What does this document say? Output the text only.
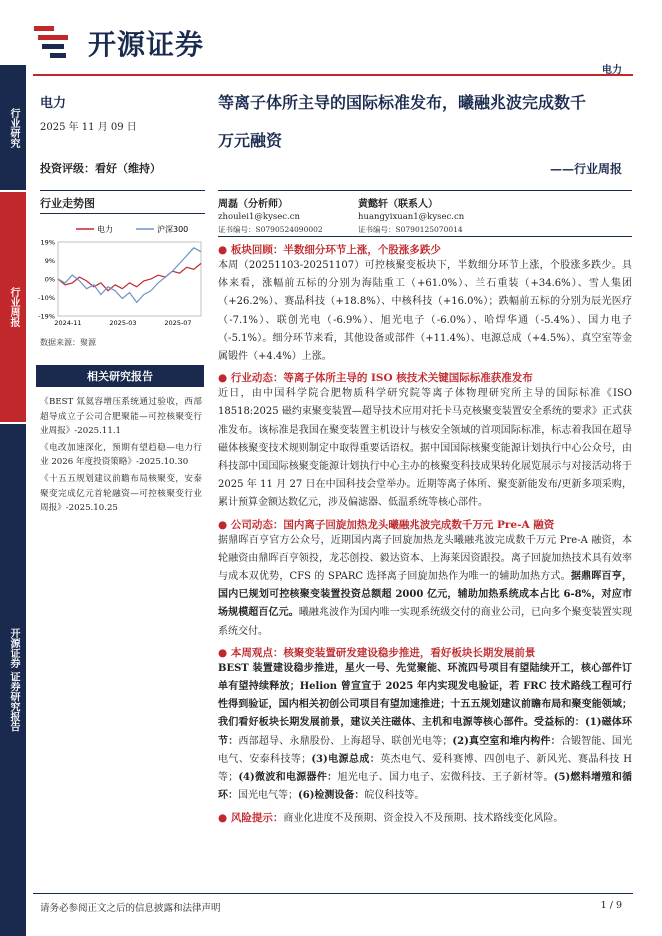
开源证券
电力
行业研究
行业周报
开源证券 证券研究报告
电力
2025 年 11 月 09 日
投资评级：看好（维持）
行业走势图
电力	沪深300
19%
9%
0%
-10%
-19%
2024-11	2025-03	2025-07
数据来源：聚源
相关研究报告
《BEST 氚氦容增压系统通过验收，西部超导成立子公司合肥聚能—可控核聚变行业周报》-2025.11.1
《电改加速深化，预期有望趋稳—电力行业 2026 年度投资策略》-2025.10.30
《十五五规划建议前瞻布局核聚变，安泰聚变完成亿元首轮融资—可控核聚变行业周报》-2025.10.25
等离子体所主导的国际标准发布，曦融兆波完成数千
万元融资
——行业周报
周磊（分析师）
zhoulei1@kysec.cn
证书编号：S0790524090002
黄懿轩（联系人）
huangyixuan1@kysec.cn
证书编号：S0790125070014
● 板块回顾：半数细分环节上涨，个股涨多跌少
本周（20251103-20251107）可控核聚变板块下，半数细分环节上涨，个股涨多跌少。具体来看，涨幅前五标的分别为海陆重工（+61.0%）、兰石重装（+34.6%）、雪人集团（+26.2%）、赛晶科技（+18.8%）、中核科技（+16.0%）；跌幅前五标的分别为辰光医疗（-7.1%）、联创光电（-6.9%）、旭光电子（-6.0%）、哈焊华通（-5.4%）、国力电子（-5.1%）。细分环节来看，其他设备或部件（+11.4%）、电源总成（+4.5%）、真空室等金属锻件（+4.4%）上涨。
● 行业动态：等离子体所主导的 ISO 核技术关键国际标准获准发布
近日，由中国科学院合肥物质科学研究院等离子体物理研究所主导的国际标准《ISO 18518:2025 磁约束聚变装置—超导技术应用对托卡马克核聚变装置安全系统的要求》正式获准发布。该标准是我国在聚变装置主机设计与核安全领域的首项国际标准，标志着我国在超导磁体核聚变技术规则制定中取得重要话语权。据中国国际核聚变能源计划执行中心公众号，由科技部中国国际核聚变能源计划执行中心主办的核聚变科技成果转化展览展示与对接活动将于 2025 年 11 月 27 日在中国科技会堂举办。近期等离子体所、聚变新能发布/更新多项采购，累计预算金额达数亿元，涉及偏滤器、低温系统等核心部件。
● 公司动态：国内离子回旋加热龙头曦融兆波完成数千万元 Pre-A 融资
据鼎晖百亨官方公众号，近期国内离子回旋加热龙头曦融兆波完成数千万元 Pre-A 融资，本轮融资由鼎晖百亨领投，龙芯创投、毅达资本、上海莱因资跟投。离子回旋加热技术具有效率与成本双优势，CFS 的 SPARC 选择离子回旋加热作为唯一的辅助加热方式。据鼎晖百亨，国内已规划可控核聚变装置投资总额超 2000 亿元，辅助加热系统成本占比 6-8%，对应市场规模超百亿元。曦融兆波作为国内唯一实现系统级交付的商业公司，已向多个聚变装置实现系统交付。
● 本周观点：核聚变装置研发建设稳步推进，看好板块长期发展前景
BEST 装置建设稳步推进，星火一号、先觉聚能、环流四号项目有望陆续开工，核心部件订单有望持续释放；Helion 曾宣宣于 2025 年内实现发电验证，若 FRC 技术路线工程可行性得到验证，国内相关初创公司项目有望加速推进；十五五规划建议前瞻布局和聚变能领域；我们看好板块长期发展前景，建议关注磁体、主机和电源等核心部件。受益标的：(1)磁体环节：西部超导、永鼎股份、上海超导、联创光电等；(2)真空室和堆内构件：合锻智能、国光电气、安泰科技等；(3)电源总成：英杰电气、爱科赛博、四创电子、新风光、赛晶科技 H 等；(4)微波和电源器件：旭光电子、国力电子、宏微科技、王子新材等。(5)燃料增殖和循环：国光电气等；(6)检测设备：皖仪科技等。
● 风险提示：商业化进度不及预期、资金投入不及预期、技术路线变化风险。
请务必参阅正文之后的信息披露和法律声明	1 / 9
